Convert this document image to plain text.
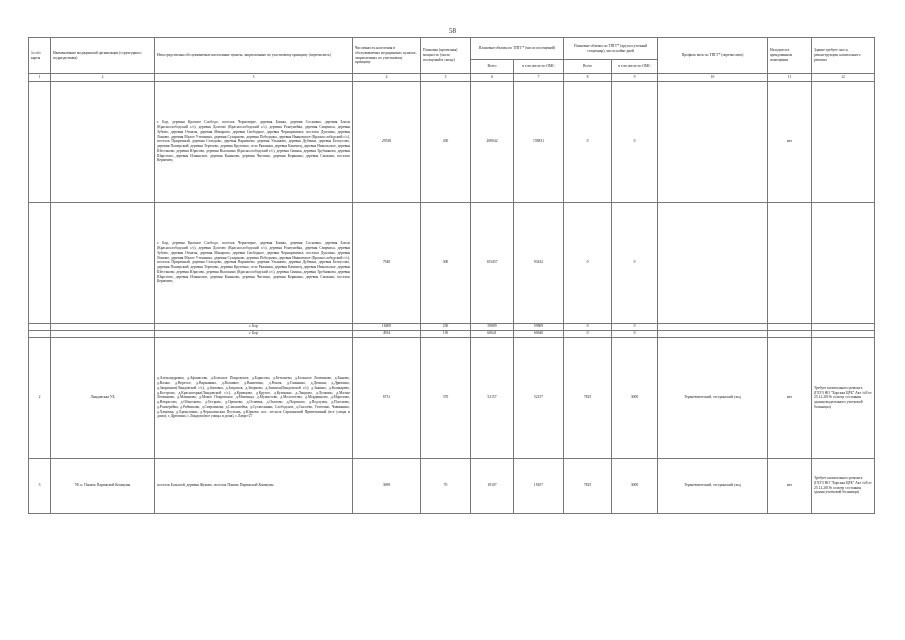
58
№ п/п карты	Наименование медицинской организации (структурного подразделения)	Непосредственно обслуживаемые населенные пункты, закрепленные по участковому принципу (перечислить)	Численность населения в обслуживаемых медицинских пунктах, закрепленных по участковому принципу	Плановая (проектная) мощность (число посещений в смену)	Плановые объемы по ТПГГ* (число посещений)		Плановые объемы по ТПГГ* (круглосуточный стационар), число койко-дней		Профиль коек по ТПГГ* (перечислить)	Находится в арендованном помещении	Здание требует сноса, реконструкции, капитального ремонта
					Всего	в том числе по ОМС	Всего	в том числе по ОМС			
1	2	3	4	5	6	7	8	9	10	11	12
		г. Бор, деревня Красное Слободо, поселок Чернозерье, деревня Блины, деревня Сосновка, деревня Блохи (Краснослободский с/с), деревня Долгово (Краснослободский с/с), деревня Ронгунейка, деревня Свирчиха, деревня Зубово, деревня Отмазы, деревня Макарово, деревня Свободное, деревня Чернораменье, поселок Дуплино, деревня Лыково, деревня Малое Утешкино, деревня Сухарново, деревня Победилка, деревня Ивановское (Краснослободский с/с), поселок Приречный, деревня Сельцово, деревня Варначево, деревня Ульяново, деревня Дубенки, деревня Белоусово, деревня Пашерский, деревня Терехово, деревня Крутенко, село Ряжинки, деревня Каменец, деревня Никольское, деревня Шестаково, деревня Юрасово, деревня Высокино (Краснослободский с/с), деревня Свинка, деревня Трубниково, деревня Шарстово, деревня Ильинское, деревня Каньково, деревня Чистино, деревня Корякино, деревня Смахино, поселок Керженец	29538	450	208042	158831	0	0		нет	
		г. Бор, деревня Красное Слободо, поселок Чернозерье, деревня Блины, деревня Сосновка, деревня Блохи (Краснослободский с/с), деревня Долгово (Краснослободский с/с), деревня Ронгунейка, деревня Свирчиха, деревня Зубово, деревня Отмазы, деревня Макарово, деревня Свободное, деревня Чернораменье, поселок Дуплино, деревня Лыково, деревня Малое Утешкино, деревня Сухарново, деревня Победилка, деревня Ивановское (Краснослободский с/с), поселок Приречный, деревня Сельцово, деревня Варначево, деревня Ульяново, деревня Дубенки, деревня Белоусово, деревня Пашерский, деревня Терехово, деревня Крутенко, село Ряжинки, деревня Каменец, деревня Никольское, деревня Шестаково, деревня Юрасово, деревня Высокино (Краснослободский с/с), деревня Свинка, деревня Трубниково, деревня Шарстово, деревня Ильинское, деревня Каньково, деревня Чистино, деревня Корякино, деревня Смахино, поселок Керженец	7948	300	103457	93432	0	0			
		г. Бор	18409	250	59809	59809	0	0			
		г. Бор	4934	150	60641	60640	0	0			
2	Линдовская УБ	д.Александровка, д.Афонасово, д.Большое Покровское, д.Борисово, д.Бетьгнево, д.Большое Литвиново, д.Быково, д.Валки, д.Вересье, д.Варнавино, д.Вошивот, д.Ванютино, д.Рожок, д.Глинкино, д.Демкин, д.Дрюпино, д.Заприяное(Линдовской с/с), д.Зимовка, д.Затрапок, д.Зворково, д.Замятья(Линдовской с/с), д.Зыкино, д.Кошкарево, д.Кострово, д.Красногорка(Линдовской с/с), д.Кривцово, д.Крутое, д.Кузякино, д.Линдово, д.Лучкино, д.Малые Литвиново, д.Мамяково, д.Мокое Покровское, д.Митинцы, д.Мунистово, д.Мологотово, д.Мордвиново, д.Морозово, д.Некрасово, д.Обмотково, д.Острово, д.Орешово, д.Осиевка, д.Окатово, д.Портново, д.Подлунтя, д.Плосково, д.Ронхерейка, д.Рябчиково, д.Сверлинова, д.Смышлейка, д.Сухмолинки, Слободское, д.Сысоево, Телегино, Чавинкино, д.Хамовка, д.Хренушино, д.Черноленская Пустынь, д.Юрьево, пос. лесхоза Саржинский Приветкиный (все улицы и дома); г. Дрюпино, с.Линдово(все улицы и дома), с.Лавро-27	6731	370	52157	52157	7825	3000	Терапевтический, сестринский уход	нет	Требует капитального ремонта (ГБУЗ НО "Борская ЦРБ" Акт №8 от 25.12.2019г осмотр состояния здания выделенного учетковой больницы)
3	УБ п. Память Парижской Коммуны	поселок Большой, деревня Жуково, поселок Память Парижской Коммуны	3699	70	18107	18107	7825	3000	Терапевтический, сестринский уход	нет	Требует капитального ремонта (ГБУЗ НО "Борская ЦРБ" Акт №8 от 25.12.2019г осмотр состояния здания учетковой больницы)
